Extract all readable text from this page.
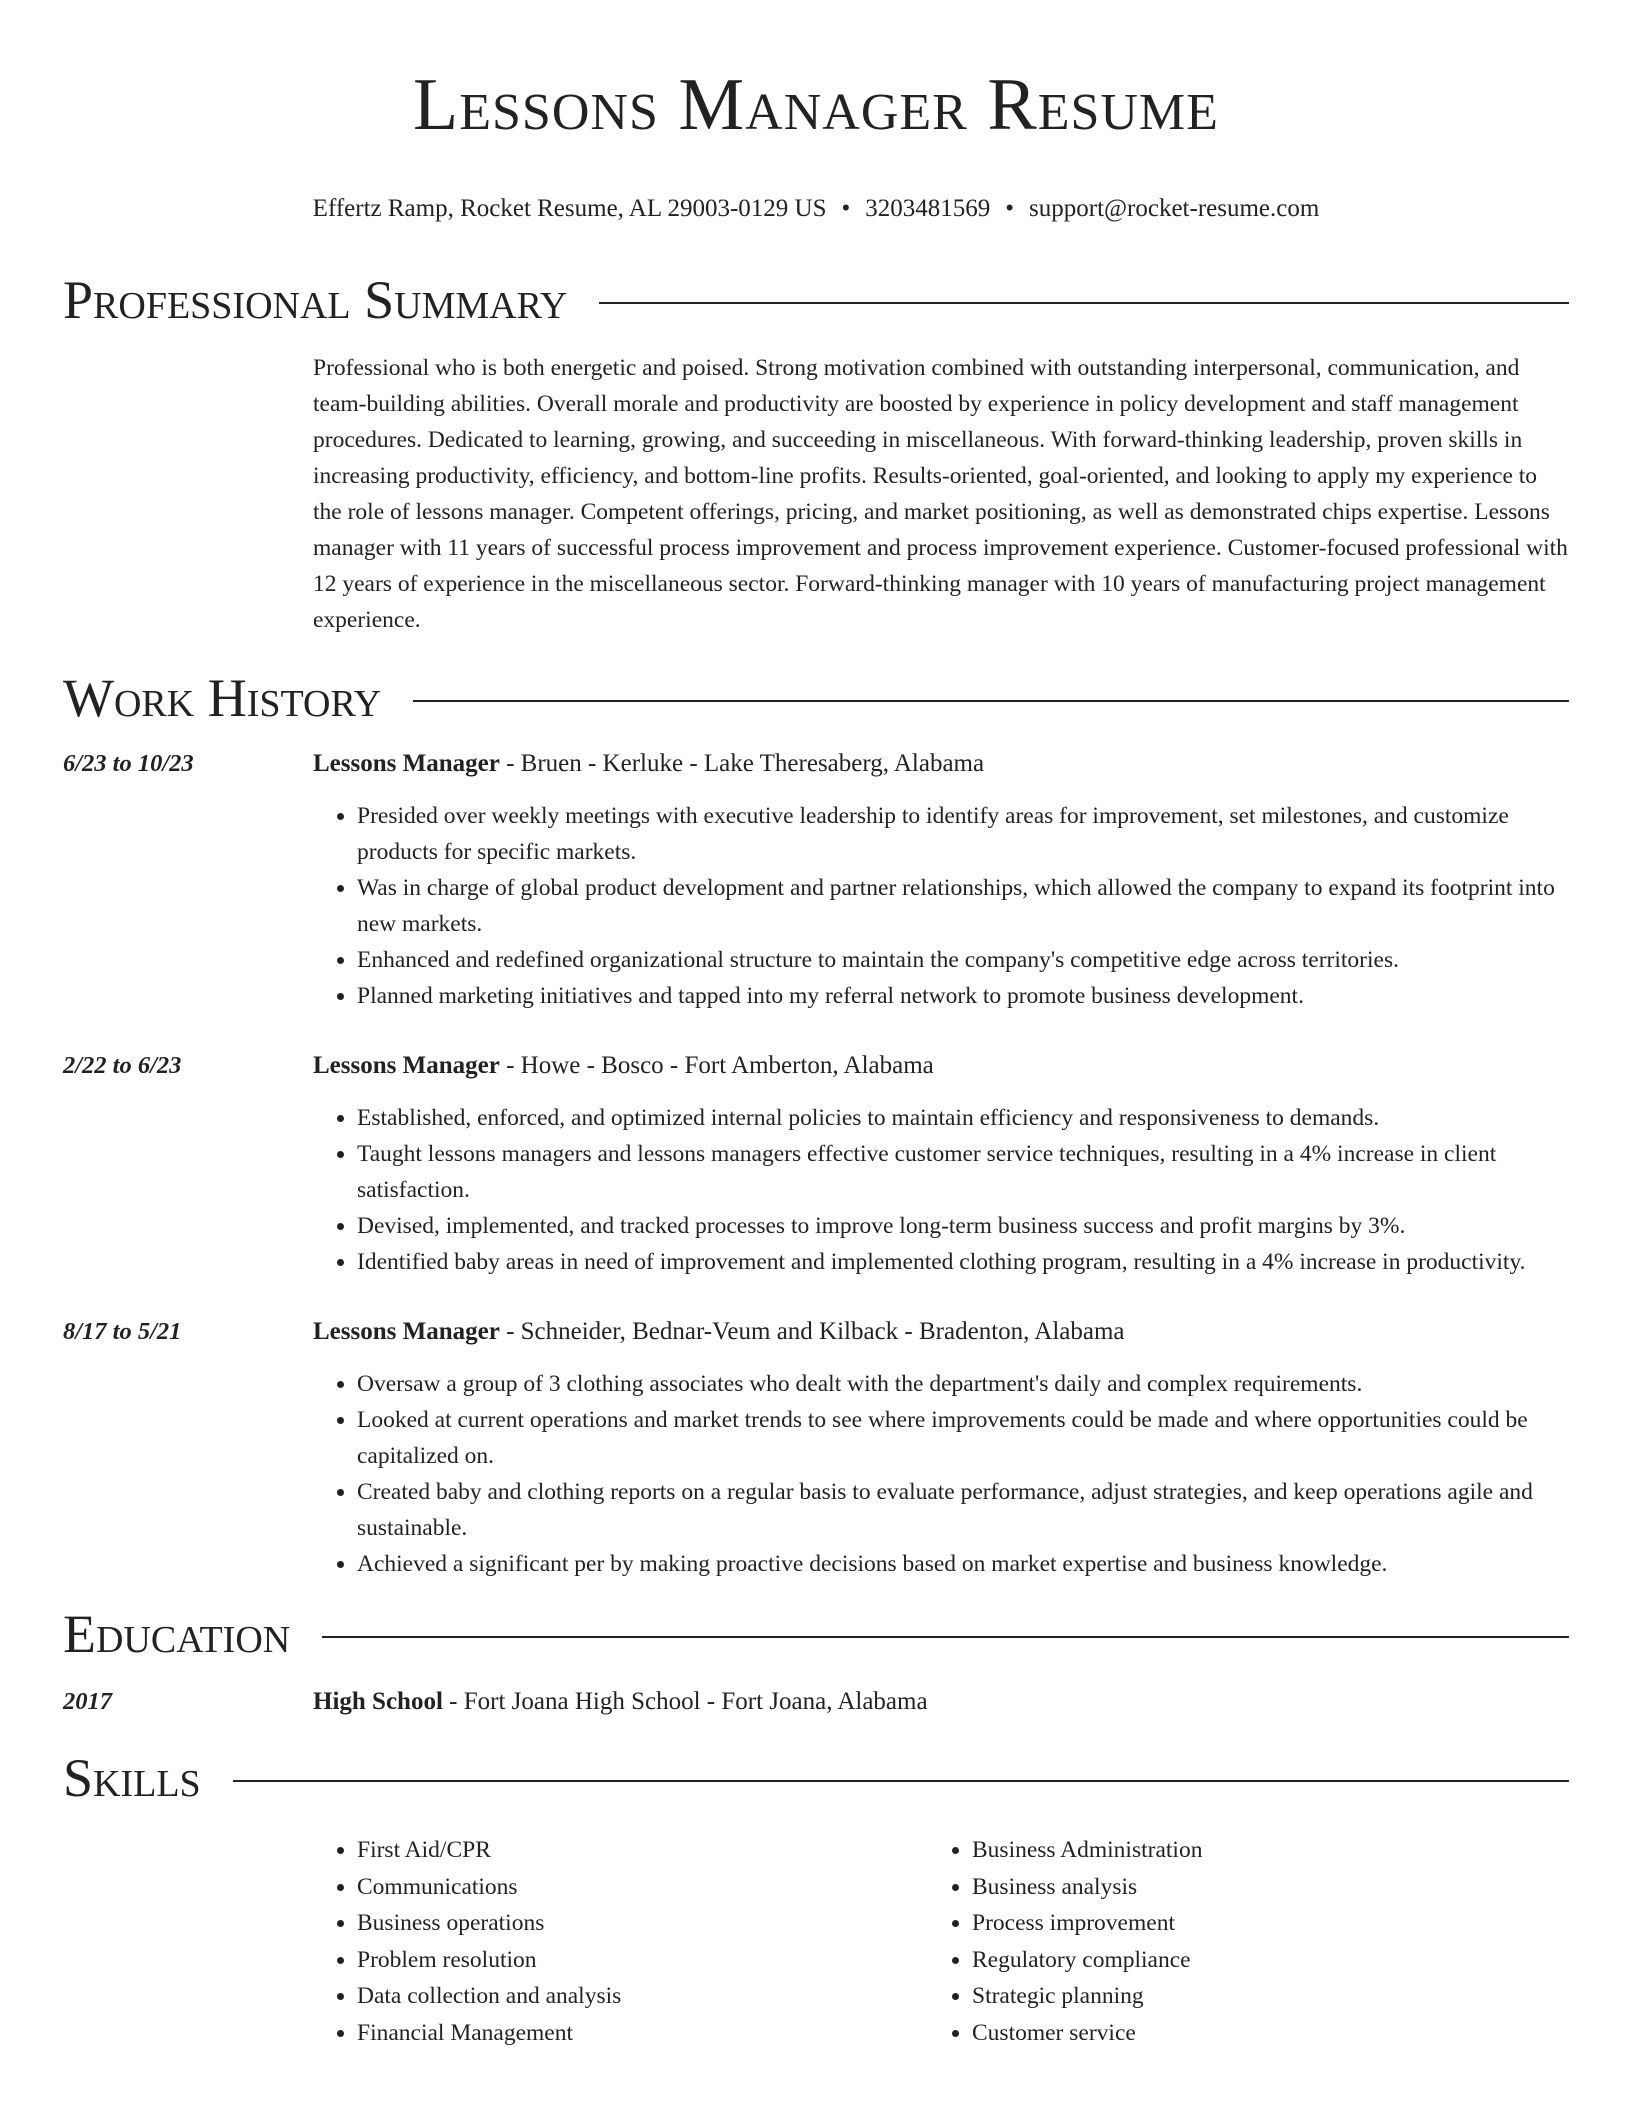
Lessons Manager Resume
Effertz Ramp, Rocket Resume, AL 29003-0129 US • 3203481569 • support@rocket-resume.com
Professional Summary
Professional who is both energetic and poised. Strong motivation combined with outstanding interpersonal, communication, and team-building abilities. Overall morale and productivity are boosted by experience in policy development and staff management procedures. Dedicated to learning, growing, and succeeding in miscellaneous. With forward-thinking leadership, proven skills in increasing productivity, efficiency, and bottom-line profits. Results-oriented, goal-oriented, and looking to apply my experience to the role of lessons manager. Competent offerings, pricing, and market positioning, as well as demonstrated chips expertise. Lessons manager with 11 years of successful process improvement and process improvement experience. Customer-focused professional with 12 years of experience in the miscellaneous sector. Forward-thinking manager with 10 years of manufacturing project management experience.
Work History
6/23 to 10/23	Lessons Manager - Bruen - Kerluke - Lake Theresaberg, Alabama
• Presided over weekly meetings with executive leadership to identify areas for improvement, set milestones, and customize products for specific markets.
• Was in charge of global product development and partner relationships, which allowed the company to expand its footprint into new markets.
• Enhanced and redefined organizational structure to maintain the company's competitive edge across territories.
• Planned marketing initiatives and tapped into my referral network to promote business development.
2/22 to 6/23	Lessons Manager - Howe - Bosco - Fort Amberton, Alabama
• Established, enforced, and optimized internal policies to maintain efficiency and responsiveness to demands.
• Taught lessons managers and lessons managers effective customer service techniques, resulting in a 4% increase in client satisfaction.
• Devised, implemented, and tracked processes to improve long-term business success and profit margins by 3%.
• Identified baby areas in need of improvement and implemented clothing program, resulting in a 4% increase in productivity.
8/17 to 5/21	Lessons Manager - Schneider, Bednar-Veum and Kilback - Bradenton, Alabama
• Oversaw a group of 3 clothing associates who dealt with the department's daily and complex requirements.
• Looked at current operations and market trends to see where improvements could be made and where opportunities could be capitalized on.
• Created baby and clothing reports on a regular basis to evaluate performance, adjust strategies, and keep operations agile and sustainable.
• Achieved a significant per by making proactive decisions based on market expertise and business knowledge.
Education
2017	High School - Fort Joana High School - Fort Joana, Alabama
Skills
• First Aid/CPR
• Communications
• Business operations
• Problem resolution
• Data collection and analysis
• Financial Management
• Business Administration
• Business analysis
• Process improvement
• Regulatory compliance
• Strategic planning
• Customer service
